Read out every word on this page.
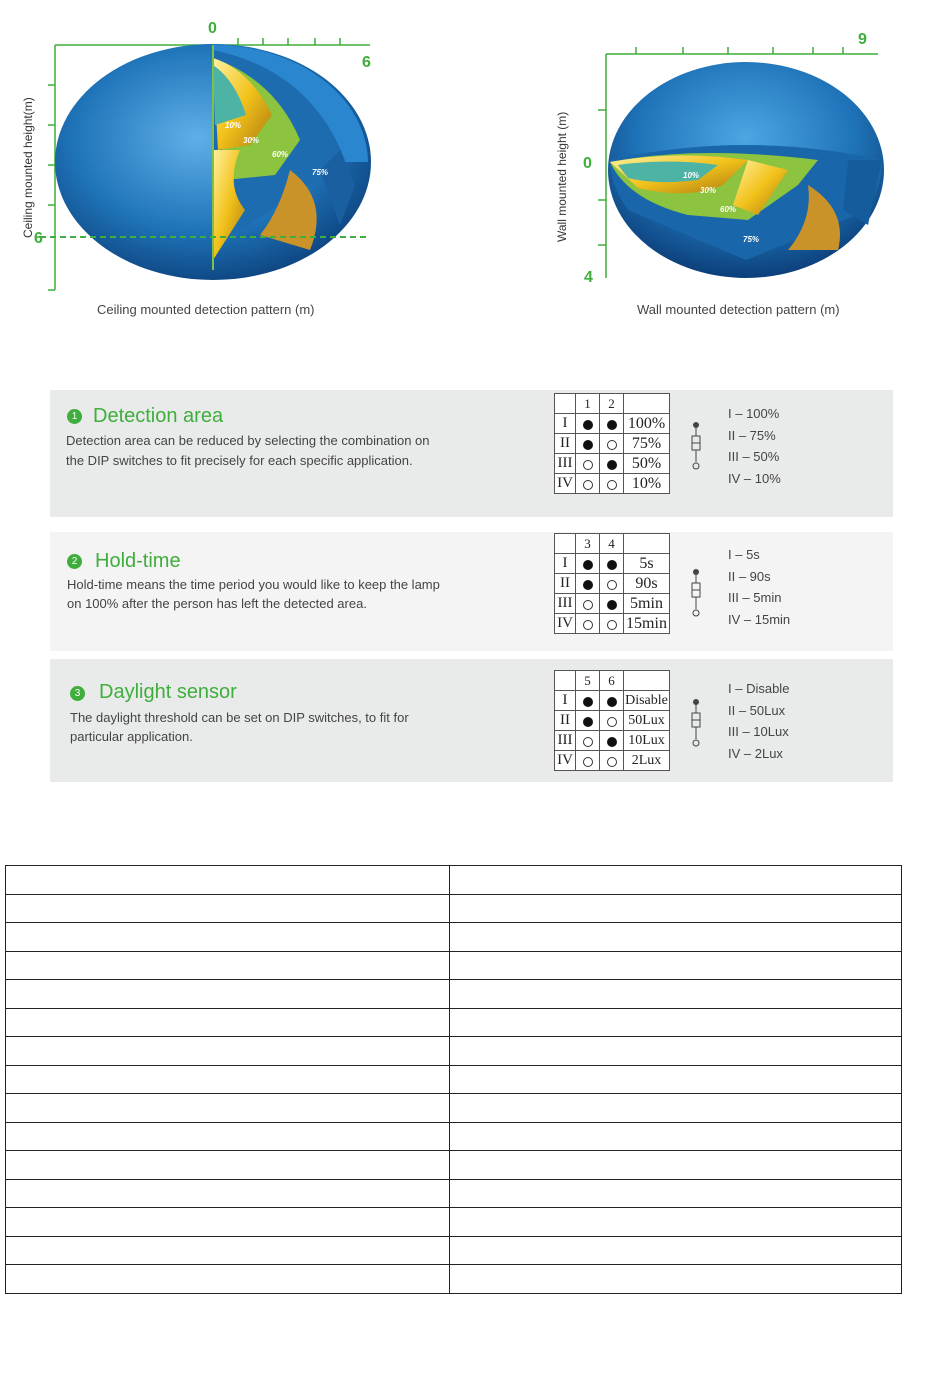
10%
30%
60%
75%
0
6
6
Ceiling mounted height(m)
Ceiling mounted detection pattern (m)
10%
30%
60%
75%
9
0
4
Wall mounted height (m)
Wall mounted detection pattern (m)
1 Detection area
Detection area can be reduced by selecting the combination on
the DIP switches to fit precisely for each specific application.
	1	2	
I			100%
II			75%
III			50%
IV			10%
I – 100%
II – 75%
III – 50%
IV – 10%
2 Hold-time
Hold-time means the time period you would like to keep the lamp
on 100% after the person has left the detected area.
	3	4	
I			5s
II			90s
III			5min
IV			15min
I – 5s
II – 90s
III – 5min
IV – 15min
3 Daylight sensor
The daylight threshold can be set on DIP switches, to fit for
particular application.
	5	6	
I			Disable
II			50Lux
III			10Lux
IV			2Lux
I – Disable
II – 50Lux
III – 10Lux
IV – 2Lux
